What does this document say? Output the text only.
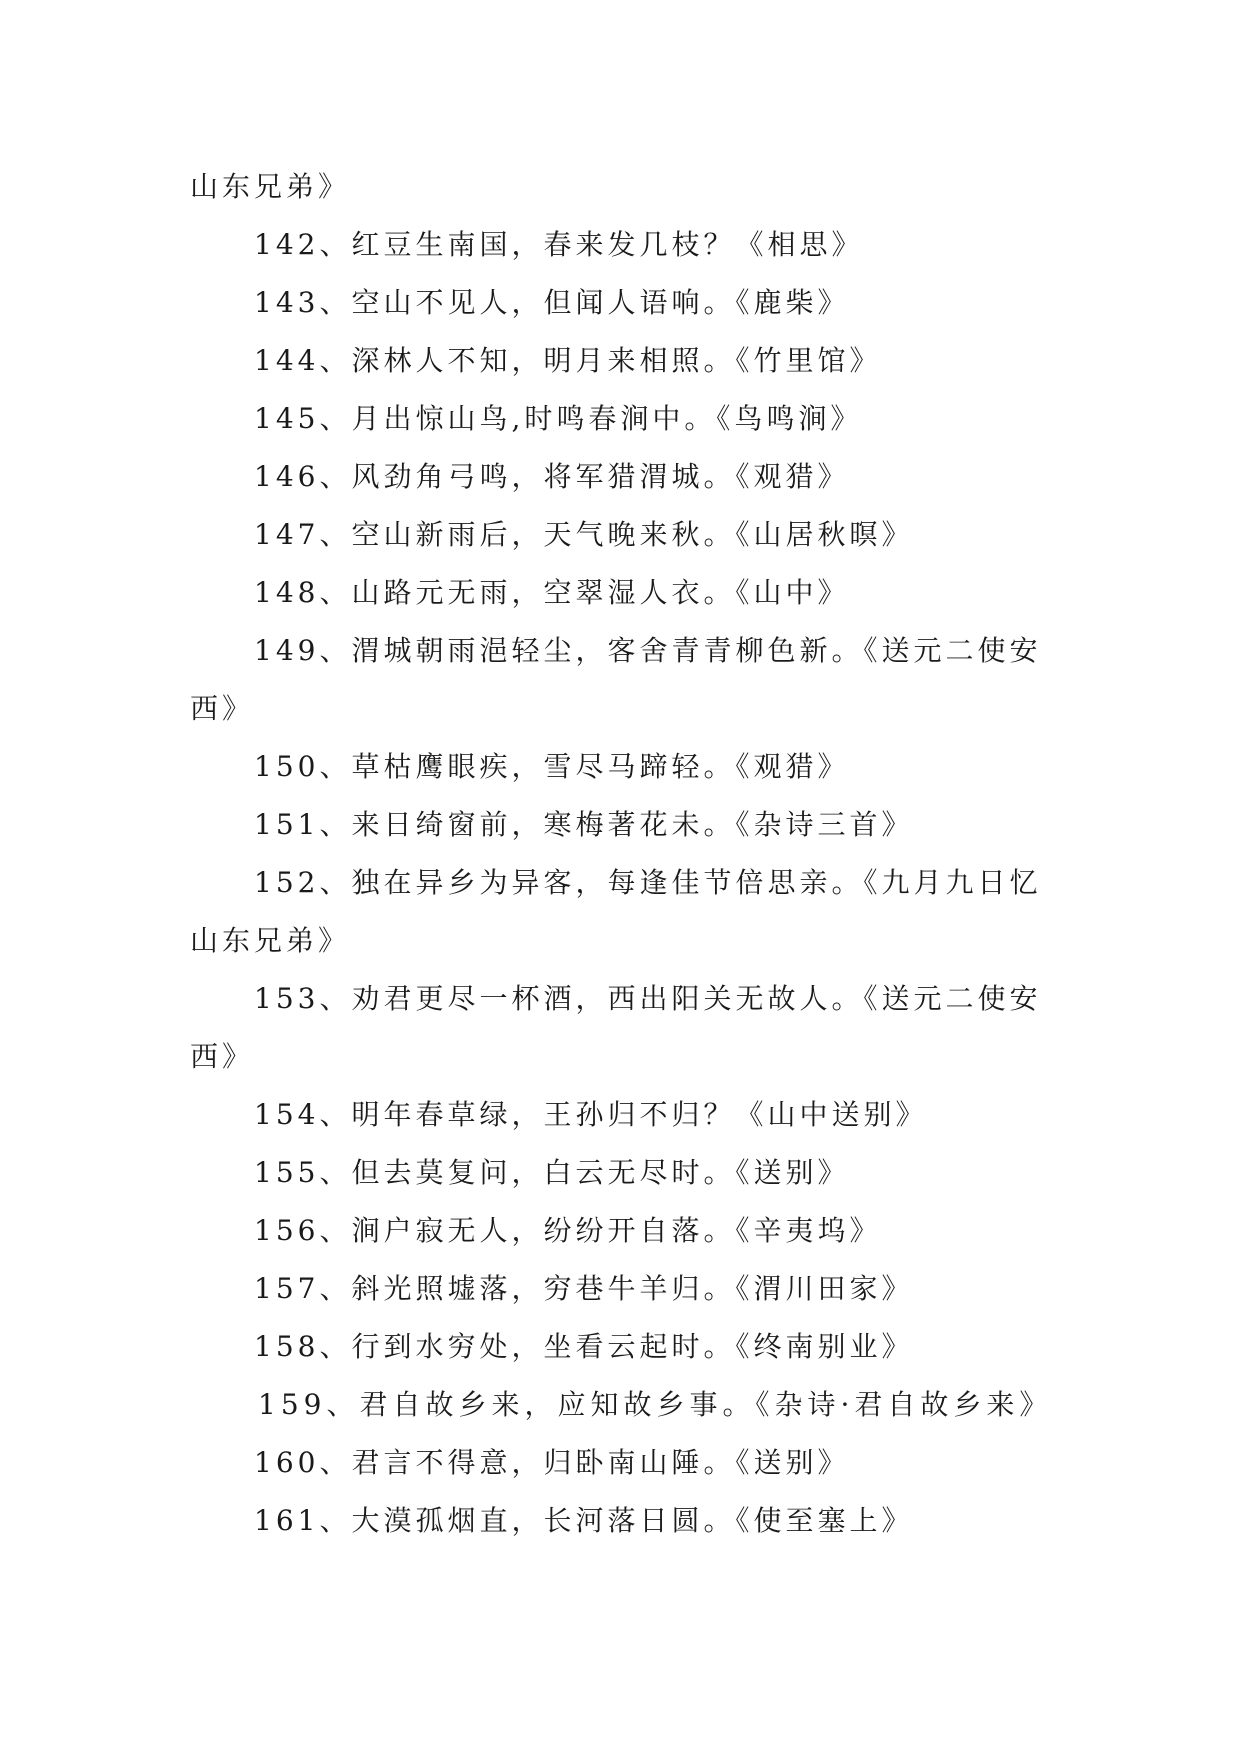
山东兄弟》
142、红豆生南国，春来发几枝？《相思》
143、空山不见人，但闻人语响。《鹿柴》
144、深林人不知，明月来相照。《竹里馆》
145、月出惊山鸟,时鸣春涧中。《鸟鸣涧》
146、风劲角弓鸣，将军猎渭城。《观猎》
147、空山新雨后，天气晚来秋。《山居秋暝》
148、山路元无雨，空翠湿人衣。《山中》
149、渭城朝雨浥轻尘，客舍青青柳色新。《送元二使安
西》
150、草枯鹰眼疾，雪尽马蹄轻。《观猎》
151、来日绮窗前，寒梅著花未。《杂诗三首》
152、独在异乡为异客，每逢佳节倍思亲。《九月九日忆
山东兄弟》
153、劝君更尽一杯酒，西出阳关无故人。《送元二使安
西》
154、明年春草绿，王孙归不归？《山中送别》
155、但去莫复问，白云无尽时。《送别》
156、涧户寂无人，纷纷开自落。《辛夷坞》
157、斜光照墟落，穷巷牛羊归。《渭川田家》
158、行到水穷处，坐看云起时。《终南别业》
159、君自故乡来，应知故乡事。《杂诗·君自故乡来》
160、君言不得意，归卧南山陲。《送别》
161、大漠孤烟直，长河落日圆。《使至塞上》
